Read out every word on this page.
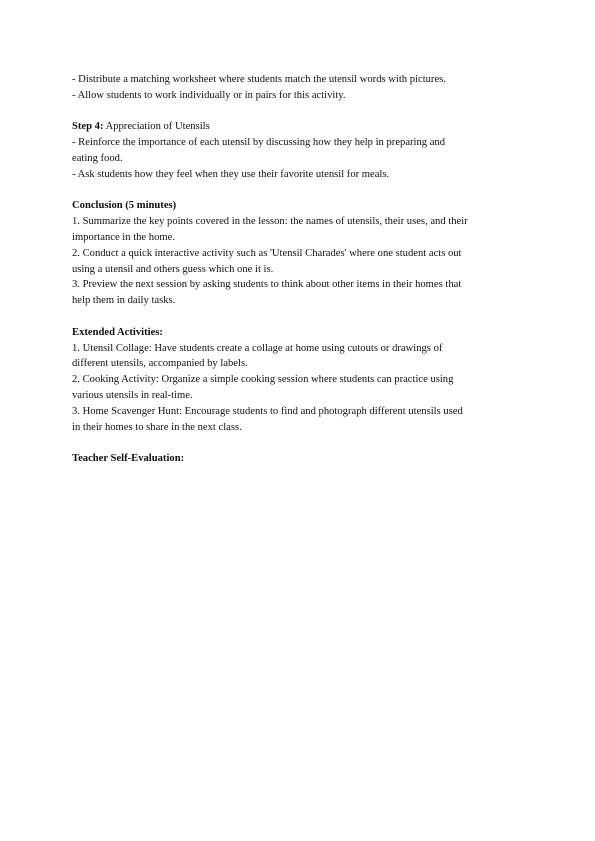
- Distribute a matching worksheet where students match the utensil words with pictures.
- Allow students to work individually or in pairs for this activity.
Step 4: Appreciation of Utensils
- Reinforce the importance of each utensil by discussing how they help in preparing and
eating food.
- Ask students how they feel when they use their favorite utensil for meals.
Conclusion (5 minutes)
1. Summarize the key points covered in the lesson: the names of utensils, their uses, and their
importance in the home.
2. Conduct a quick interactive activity such as 'Utensil Charades' where one student acts out
using a utensil and others guess which one it is.
3. Preview the next session by asking students to think about other items in their homes that
help them in daily tasks.
Extended Activities:
1. Utensil Collage: Have students create a collage at home using cutouts or drawings of
different utensils, accompanied by labels.
2. Cooking Activity: Organize a simple cooking session where students can practice using
various utensils in real-time.
3. Home Scavenger Hunt: Encourage students to find and photograph different utensils used
in their homes to share in the next class.
Teacher Self-Evaluation:
